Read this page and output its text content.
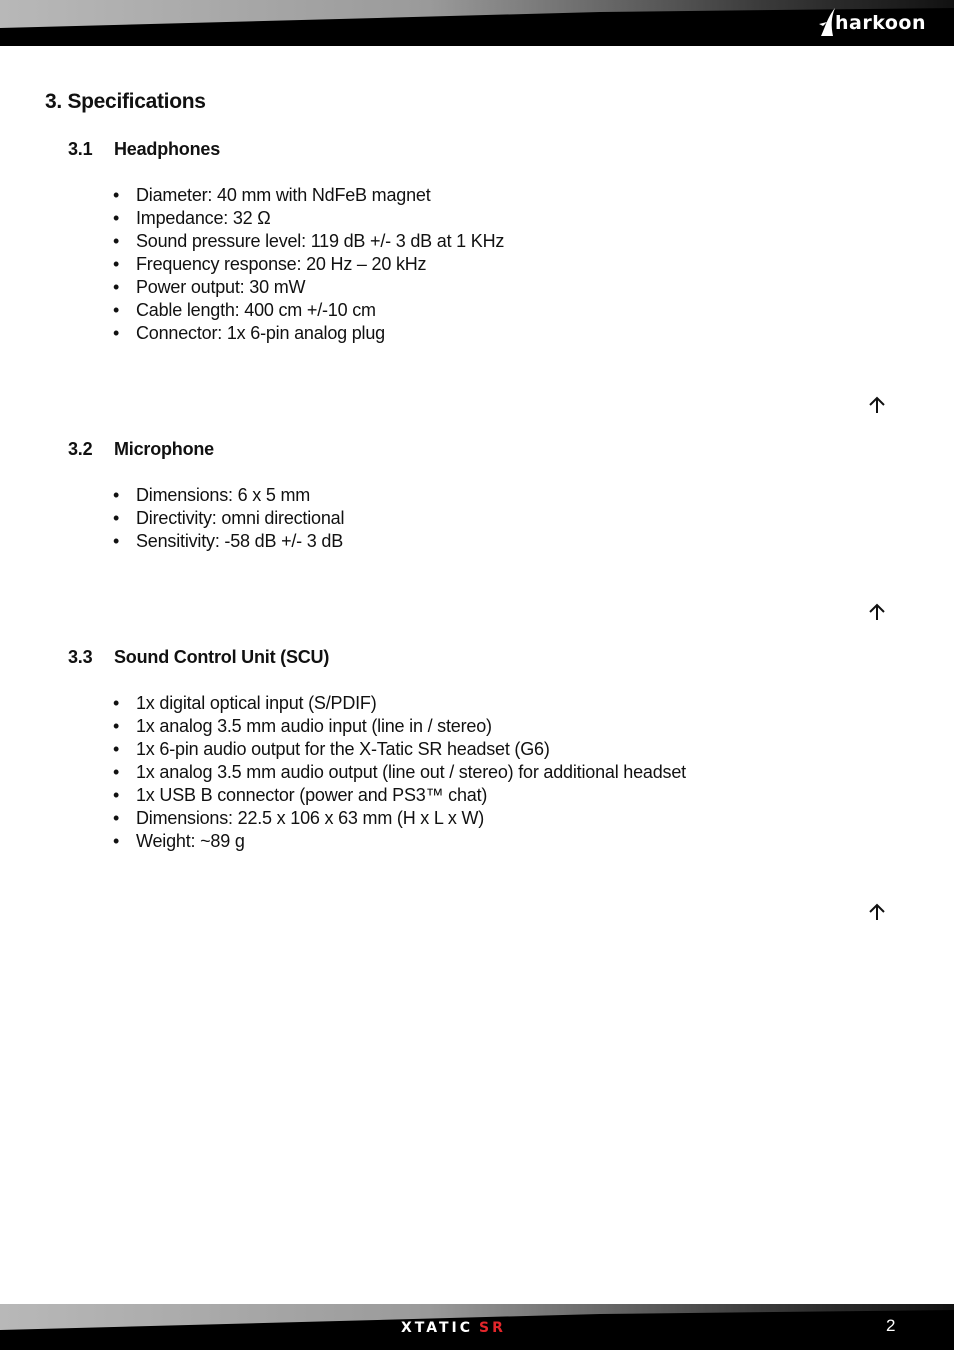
harkoon
3. Specifications
3.1 Headphones
• Diameter: 40 mm with NdFeB magnet
• Impedance: 32 Ω
• Sound pressure level: 119 dB +/- 3 dB at 1 KHz
• Frequency response: 20 Hz – 20 kHz
• Power output: 30 mW
• Cable length: 400 cm +/-10 cm
• Connector: 1x 6-pin analog plug
3.2 Microphone
• Dimensions: 6 x 5 mm
• Directivity: omni directional
• Sensitivity: -58 dB +/- 3 dB
3.3 Sound Control Unit (SCU)
• 1x digital optical input (S/PDIF)
• 1x analog 3.5 mm audio input (line in / stereo)
• 1x 6-pin audio output for the X-Tatic SR headset (G6)
• 1x analog 3.5 mm audio output (line out / stereo) for additional headset
• 1x USB B connector (power and PS3™ chat)
• Dimensions: 22.5 x 106 x 63 mm (H x L x W)
• Weight: ~89 g
XTATIC SR	2
